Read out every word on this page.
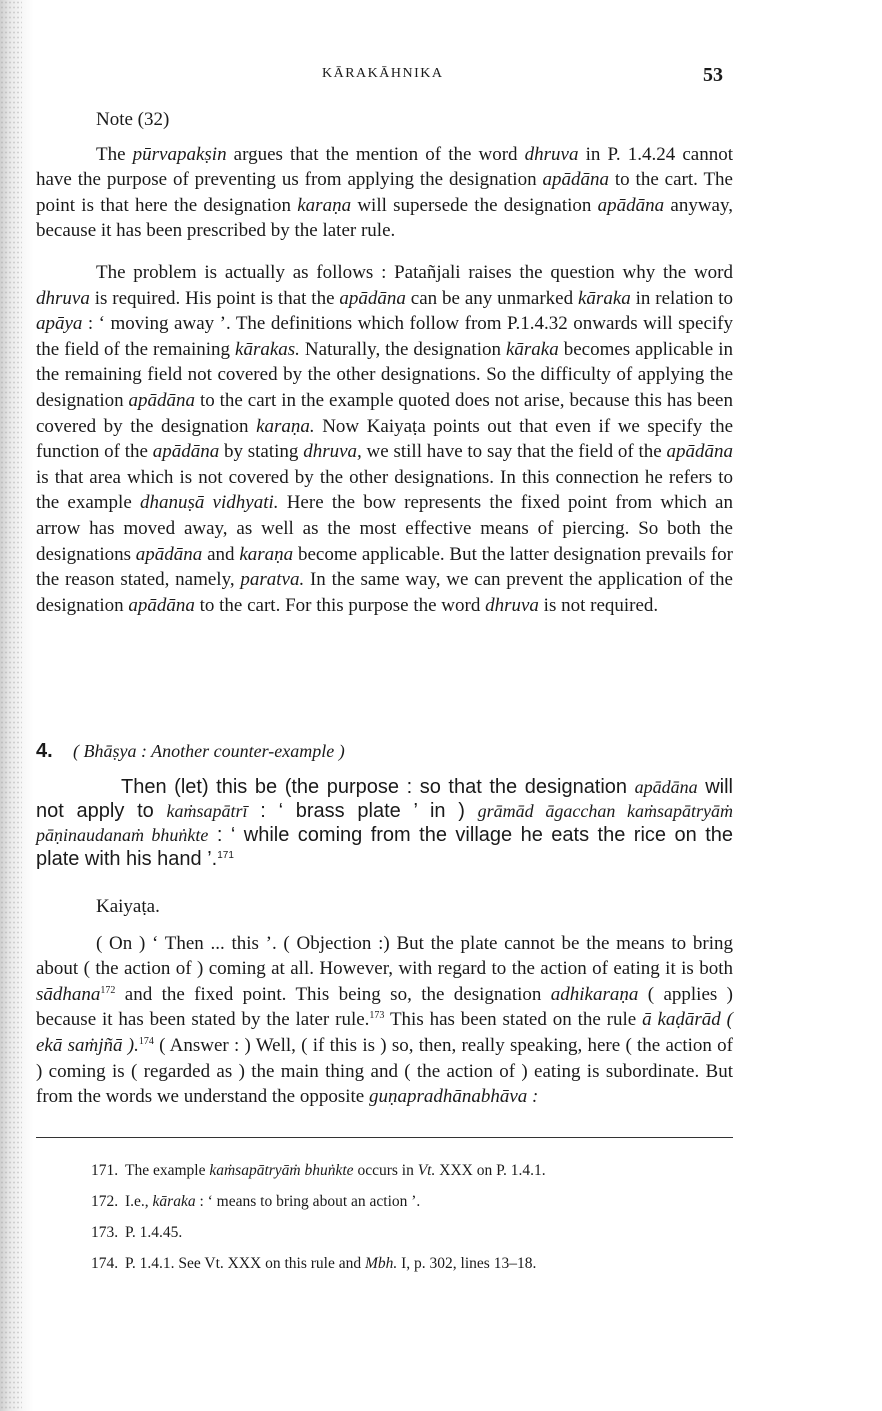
KĀRAKĀHNIKA	53

Note (32)

The pūrvapakṣin argues that the mention of the word dhruva in P. 1.4.24 cannot have the purpose of preventing us from applying the designation apādāna to the cart. The point is that here the designation karaṇa will supersede the designation apādāna anyway, because it has been prescribed by the later rule.

The problem is actually as follows : Patañjali raises the question why the word dhruva is required. His point is that the apādāna can be any unmarked kāraka in relation to apāya : ‘ moving away ’. The definitions which follow from P.1.4.32 onwards will specify the field of the remaining kārakas. Naturally, the designation kāraka becomes applicable in the remaining field not covered by the other designations. So the difficulty of applying the designation apādāna to the cart in the example quoted does not arise, because this has been covered by the designation karaṇa. Now Kaiyaṭa points out that even if we specify the function of the apādāna by stating dhruva, we still have to say that the field of the apādāna is that area which is not covered by the other designations. In this connection he refers to the example dhanuṣā vidhyati. Here the bow represents the fixed point from which an arrow has moved away, as well as the most effective means of piercing. So both the designations apādāna and karaṇa become applicable. But the latter designation prevails for the reason stated, namely, paratva. In the same way, we can prevent the application of the designation apādāna to the cart. For this purpose the word dhruva is not required.

4. ( Bhāṣya : Another counter-example )

Then (let) this be (the purpose : so that the designation apādāna will not apply to kaṁsapātrī : ‘ brass plate ’ in ) grāmād āgacchan kaṁsapātryāṁ pāṇinaudanaṁ bhuṅkte : ‘ while coming from the village he eats the rice on the plate with his hand ’.$^{171}$

Kaiyaṭa.

( On ) ‘ Then ... this ’. ( Objection :) But the plate cannot be the means to bring about ( the action of ) coming at all. However, with regard to the action of eating it is both sādhana$^{172}$ and the fixed point. This being so, the designation adhikaraṇa ( applies ) because it has been stated by the later rule.$^{173}$ This has been stated on the rule ā kaḍārād ( ekā saṁjñā ).$^{174}$ ( Answer : ) Well, ( if this is ) so, then, really speaking, here ( the action of ) coming is ( regarded as ) the main thing and ( the action of ) eating is subordinate. But from the words we understand the opposite guṇapradhānabhāva :

171. The example kaṁsapātryāṁ bhuṅkte occurs in Vt. XXX on P. 1.4.1.
172. I.e., kāraka : ‘ means to bring about an action ’.
173. P. 1.4.45.
174. P. 1.4.1. See Vt. XXX on this rule and Mbh. I, p. 302, lines 13–18.
